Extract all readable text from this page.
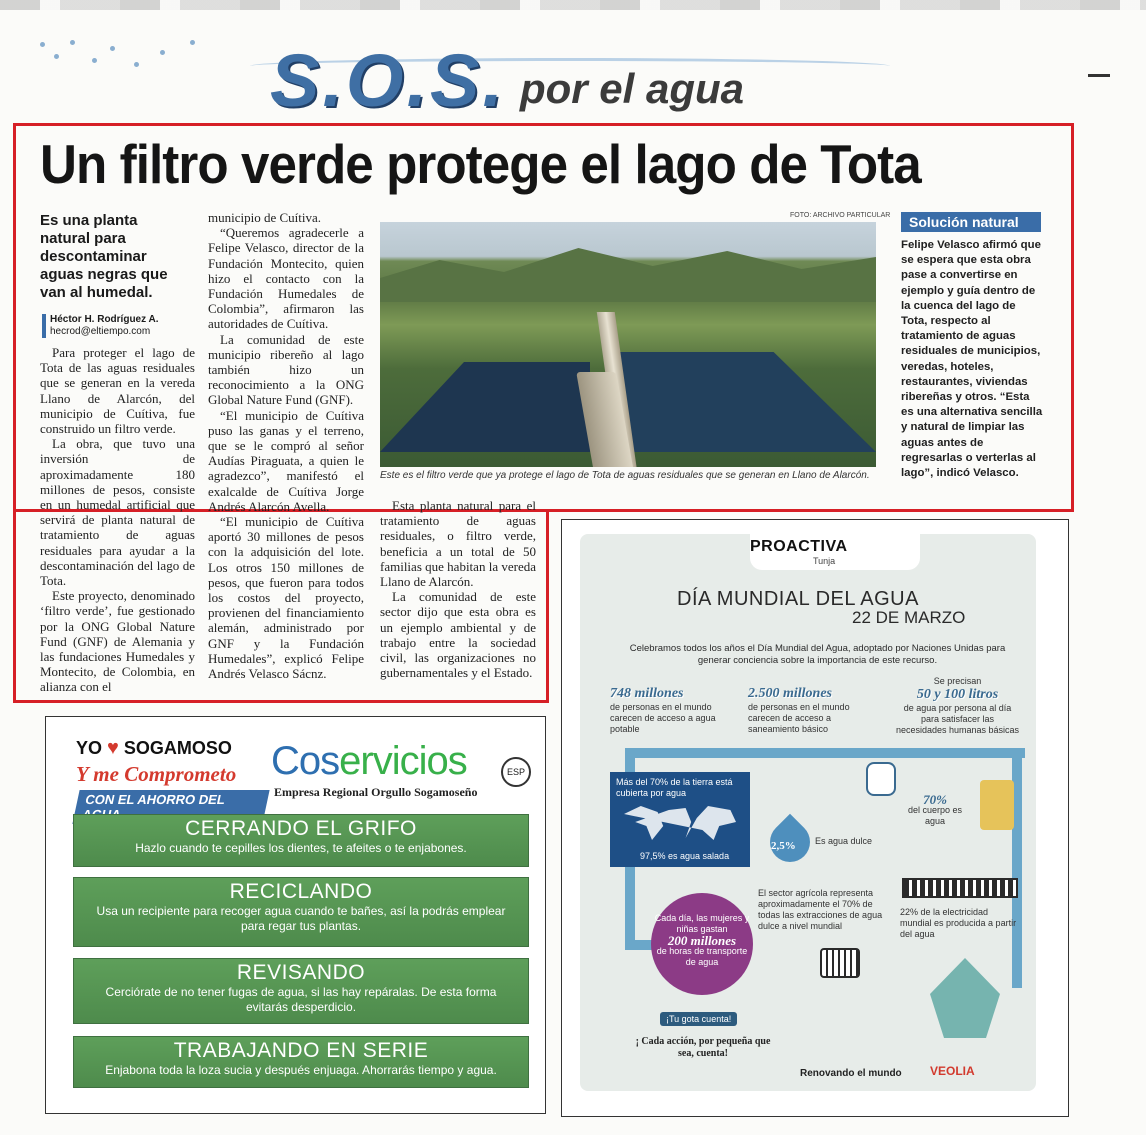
S.O.S. por el agua
Un filtro verde protege el lago de Tota
Es una planta natural para descontaminar aguas negras que van al humedal.
Héctor H. Rodríguez A.
hecrod@eltiempo.com

Para proteger el lago de Tota de las aguas residuales que se generan en la vereda Llano de Alarcón, del municipio de Cuítiva, fue construido un filtro verde.

La obra, que tuvo una inversión de aproximadamente 180 millones de pesos, consiste en un humedal artificial que servirá de planta natural de tratamiento de aguas residuales para ayudar a la descontaminación del lago de Tota.

Este proyecto, denominado ‘filtro verde’, fue gestionado por la ONG Global Nature Fund (GNF) de Alemania y las fundaciones Humedales y Montecito, de Colombia, en alianza con el

municipio de Cuítiva.

“Queremos agradecerle a Felipe Velasco, director de la Fundación Montecito, quien hizo el contacto con la Fundación Humedales de Colombia”, afirmaron las autoridades de Cuítiva.

La comunidad de este municipio ribereño al lago también hizo un reconocimiento a la ONG Global Nature Fund (GNF).

“El municipio de Cuítiva puso las ganas y el terreno, que se le compró al señor Audías Piraguata, a quien le agradezco”, manifestó el exalcalde de Cuítiva Jorge Andrés Alarcón Avella.

“El municipio de Cuítiva aportó 30 millones de pesos con la adquisición del lote. Los otros 150 millones de pesos, que fueron para todos los costos del proyecto, provienen del financiamiento alemán, administrado por GNF y la Fundación Humedales”, explicó Felipe Andrés Velasco Sácnz.

Esta planta natural para el tratamiento de aguas residuales, o filtro verde, beneficia a un total de 50 familias que habitan la vereda Llano de Alarcón.

La comunidad de este sector dijo que esta obra es un ejemplo ambiental y de trabajo entre la sociedad civil, las organizaciones no gubernamentales y el Estado.

FOTO: ARCHIVO PARTICULAR
Este es el filtro verde que ya protege el lago de Tota de aguas residuales que se generan en Llano de Alarcón.
Solución natural
Felipe Velasco afirmó que se espera que esta obra pase a convertirse en ejemplo y guía dentro de la cuenca del lago de Tota, respecto al tratamiento de aguas residuales de municipios, veredas, hoteles, restaurantes, viviendas ribereñas y otros. “Esta es una alternativa sencilla y natural de limpiar las aguas antes de regresarlas o verterlas al lago”, indicó Velasco.
YO ♥ SOGAMOSO
Y me Comprometo
CON EL AHORRO DEL
Coservicios	ESP
Empresa Regional Orgullo Sogamoseño
CERRANDO EL GRIFO
Hazlo cuando te cepilles los dientes, te afeites o te enjabones.
RECICLANDO
Usa un recipiente para recoger agua cuando te bañes, así la podrás emplear para regar tus plantas.
REVISANDO
Cerciórate de no tener fugas de agua, si las hay repáralas. De esta forma evitarás desperdicio.
TRABAJANDO EN SERIE
Enjabona toda la loza sucia y después enjuaga. Ahorrarás tiempo y agua.
PROACTIVA
Tunja
DÍA MUNDIAL DEL AGUA
22 DE MARZO
Celebramos todos los años el Día Mundial del Agua, adoptado por Naciones Unidas para generar conciencia sobre la importancia de este recurso.
748 millones
de personas en el mundo carecen de acceso a agua potable
2.500 millones
de personas en el mundo carecen de acceso a saneamiento básico
Se precisan
50 y 100 litros
de agua por persona al día para satisfacer las necesidades humanas básicas
Más del 70% de la tierra está cubierta por agua
97,5% es agua salada
2,5% Es agua dulce
70%
del cuerpo es agua
El sector agrícola representa aproximadamente el 70% de todas las extracciones de agua dulce a nivel mundial
22% de la electricidad mundial es producida a partir del agua
Cada día, las mujeres y niñas gastan
200 millones
de horas de transporte de agua
¡Tu gota cuenta!
¡ Cada acción, por pequeña que sea, cuenta!
Renovando el mundo VEOLIA
